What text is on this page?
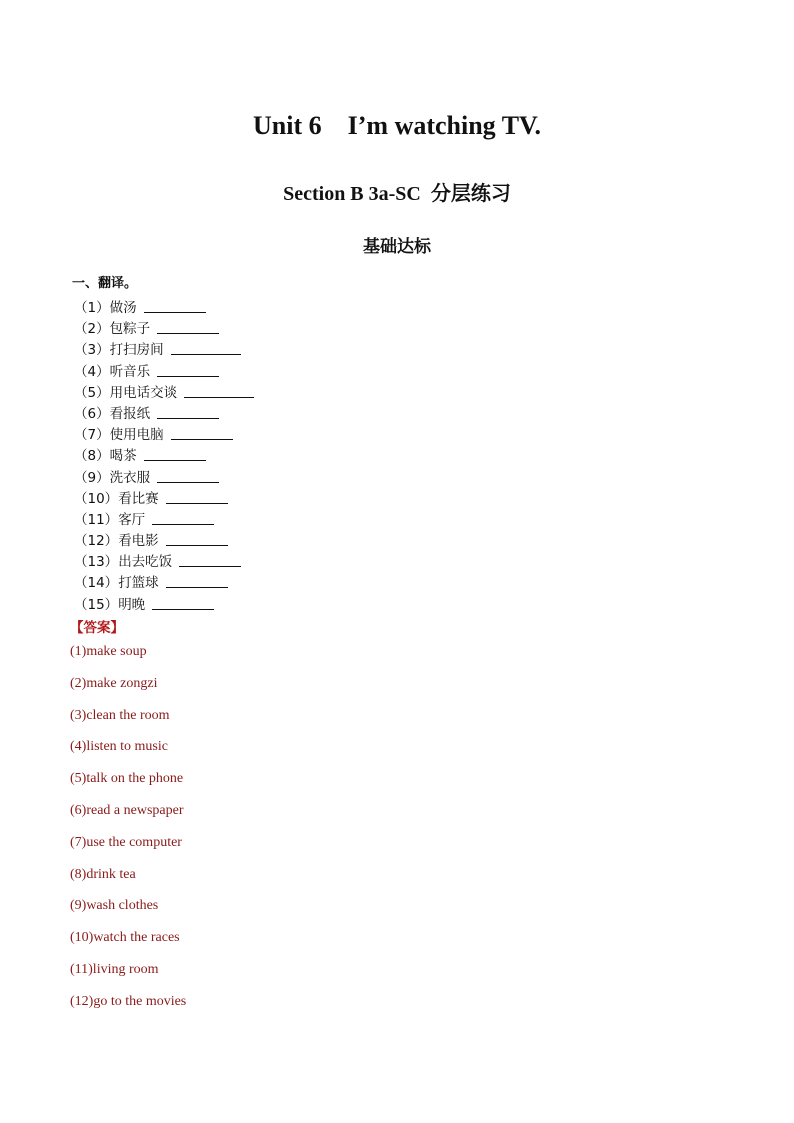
Unit 6    I’m watching TV.
Section B 3a-SC  分层练习
基础达标
一、翻译。
（1）做汤
（2）包粽子
（3）打扫房间
（4）听音乐
（5）用电话交谈
（6）看报纸
（7）使用电脑
（8）喝茶
（9）洗衣服
（10）看比赛
（11）客厅
（12）看电影
（13）出去吃饭
（14）打篮球
（15）明晚
【答案】
(1)make soup
(2)make zongzi
(3)clean the room
(4)listen to music
(5)talk on the phone
(6)read a newspaper
(7)use the computer
(8)drink tea
(9)wash clothes
(10)watch the races
(11)living room
(12)go to the movies
